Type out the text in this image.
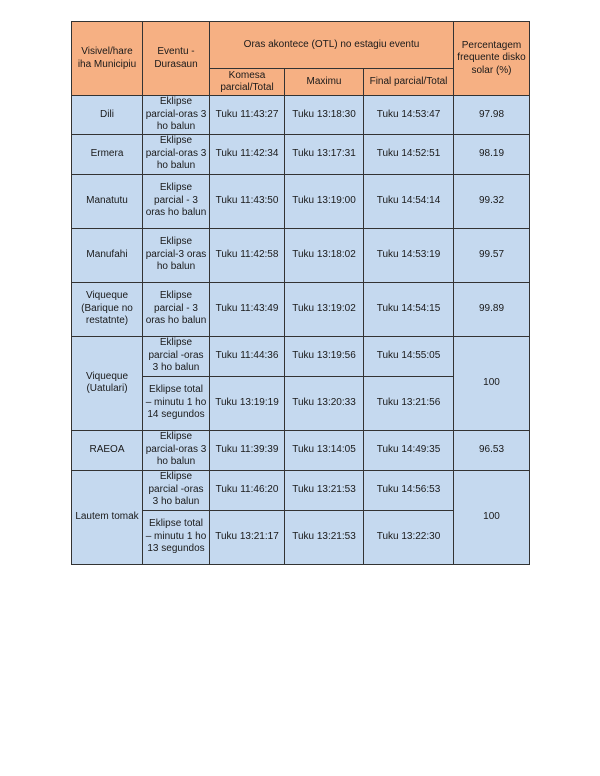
Visivel/hare iha Municipiu	Eventu - Durasaun	Oras akontece (OTL) no estagiu eventu			Percentagem frequente disko solar (%)
		Komesa parcial/Total	Maximu	Final parcial/Total	
Dili	Eklipse parcial-oras 3 ho balun	Tuku 11:43:27	Tuku 13:18:30	Tuku 14:53:47	97.98
Ermera	Eklipse parcial-oras 3 ho balun	Tuku 11:42:34	Tuku 13:17:31	Tuku 14:52:51	98.19
Manatutu	Eklipse parcial - 3 oras ho balun	Tuku 11:43:50	Tuku 13:19:00	Tuku 14:54:14	99.32
Manufahi	Eklipse parcial-3 oras ho balun	Tuku 11:42:58	Tuku 13:18:02	Tuku 14:53:19	99.57
Viqueque (Barique no restatnte)	Eklipse parcial - 3 oras ho balun	Tuku 11:43:49	Tuku 13:19:02	Tuku 14:54:15	99.89
Viqueque (Uatulari)	Eklipse parcial -oras 3 ho balun	Tuku 11:44:36	Tuku 13:19:56	Tuku 14:55:05	100
	Eklipse total – minutu 1 ho 14 segundos	Tuku 13:19:19	Tuku 13:20:33	Tuku 13:21:56	
RAEOA	Eklipse parcial-oras 3 ho balun	Tuku 11:39:39	Tuku 13:14:05	Tuku 14:49:35	96.53
Lautem tomak	Eklipse parcial -oras 3 ho balun	Tuku 11:46:20	Tuku 13:21:53	Tuku 14:56:53	100
	Eklipse total – minutu 1 ho 13 segundos	Tuku 13:21:17	Tuku 13:21:53	Tuku 13:22:30	
